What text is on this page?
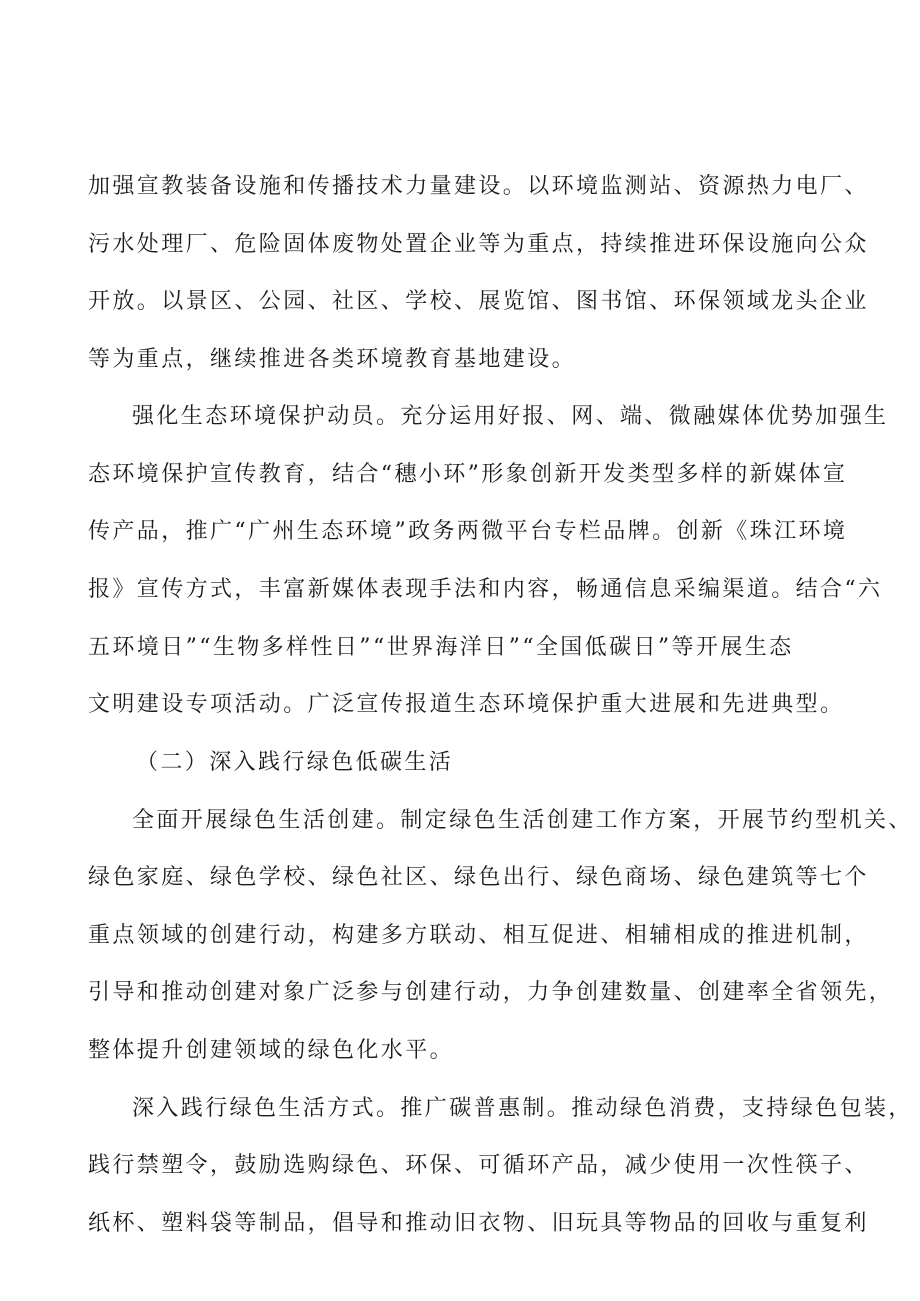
加强宣教装备设施和传播技术力量建设。以环境监测站、资源热力电厂、
污水处理厂、危险固体废物处置企业等为重点，持续推进环保设施向公众
开放。以景区、公园、社区、学校、展览馆、图书馆、环保领域龙头企业
等为重点，继续推进各类环境教育基地建设。
强化生态环境保护动员。充分运用好报、网、端、微融媒体优势加强生
态环境保护宣传教育，结合“穗小环”形象创新开发类型多样的新媒体宣
传产品，推广“广州生态环境”政务两微平台专栏品牌。创新《珠江环境
报》宣传方式，丰富新媒体表现手法和内容，畅通信息采编渠道。结合“六
五环境日”“生物多样性日”“世界海洋日”“全国低碳日”等开展生态
文明建设专项活动。广泛宣传报道生态环境保护重大进展和先进典型。
（二）深入践行绿色低碳生活
全面开展绿色生活创建。制定绿色生活创建工作方案，开展节约型机关、
绿色家庭、绿色学校、绿色社区、绿色出行、绿色商场、绿色建筑等七个
重点领域的创建行动，构建多方联动、相互促进、相辅相成的推进机制，
引导和推动创建对象广泛参与创建行动，力争创建数量、创建率全省领先，
整体提升创建领域的绿色化水平。
深入践行绿色生活方式。推广碳普惠制。推动绿色消费，支持绿色包装，
践行禁塑令，鼓励选购绿色、环保、可循环产品，减少使用一次性筷子、
纸杯、塑料袋等制品，倡导和推动旧衣物、旧玩具等物品的回收与重复利
